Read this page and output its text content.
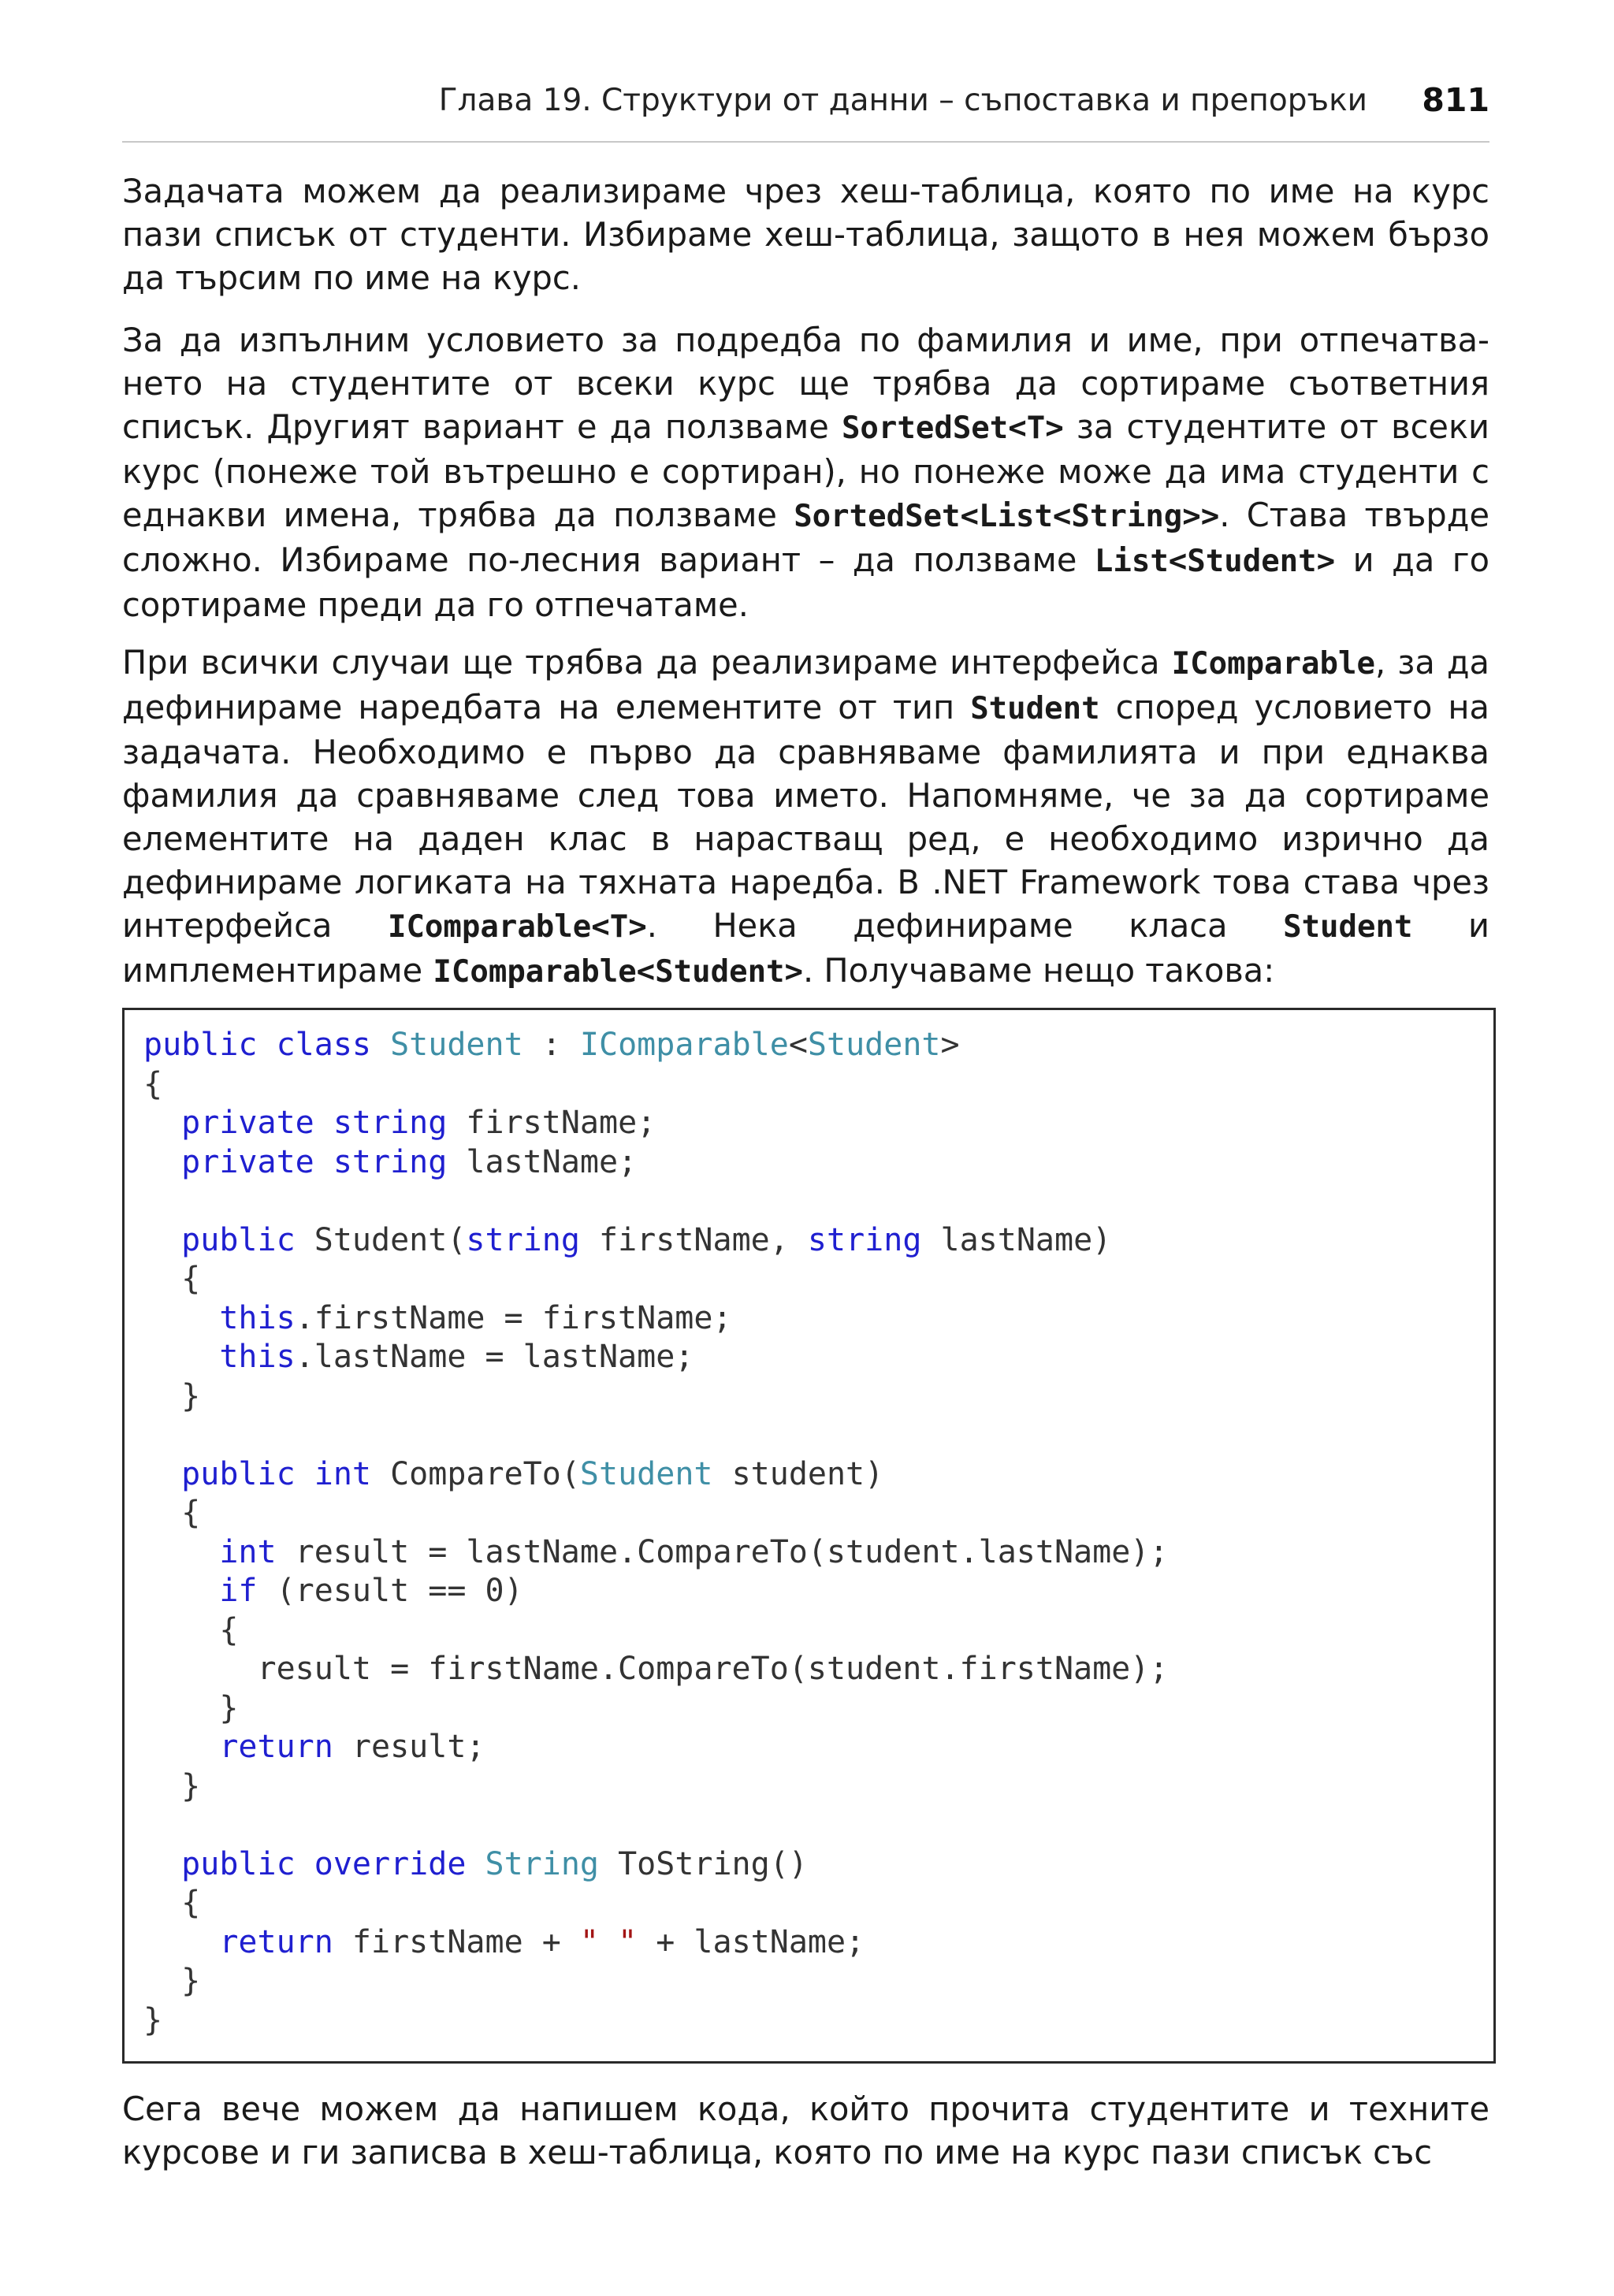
Глава 19. Структури от данни – съпоставка и препоръки 811

Задачата можем да реализираме чрез хеш-таблица, която по име на курс пази списък от студенти. Избираме хеш-таблица, защото в нея можем бързо да търсим по име на курс.

За да изпълним условието за подредба по фамилия и име, при отпечатването на студентите от всеки курс ще трябва да сортираме съответния списък. Другият вариант е да ползваме SortedSet<T> за студентите от всеки курс (понеже той вътрешно е сортиран), но понеже може да има студенти с еднакви имена, трябва да ползваме SortedSet<List<String>>. Става твърде сложно. Избираме по-лесния вариант – да ползваме List<Student> и да го сортираме преди да го отпечатаме.

При всички случаи ще трябва да реализираме интерфейса IComparable, за да дефинираме наредбата на елементите от тип Student според условието на задачата. Необходимо е първо да сравняваме фамилията и при еднаква фамилия да сравняваме след това името. Напомняме, че за да сортираме елементите на даден клас в нарастващ ред, е необходимо изрично да дефинираме логиката на тяхната наредба. В .NET Framework това става чрез интерфейса IComparable<T>. Нека дефинираме класа Student и имплементираме IComparable<Student>. Получаваме нещо такова:

public class Student : IComparable<Student>
{
private string firstName;
private string lastName;
public Student(string firstName, string lastName)
{
this.firstName = firstName;
this.lastName = lastName;
}
public int CompareTo(Student student)
{
int result = lastName.CompareTo(student.lastName);
if (result == 0)
{
result = firstName.CompareTo(student.firstName);
}
return result;
}
public override String ToString()
{
return firstName + " " + lastName;
}
}

Сега вече можем да напишем кода, който прочита студентите и техните курсове и ги записва в хеш-таблица, която по име на курс пази списък със
